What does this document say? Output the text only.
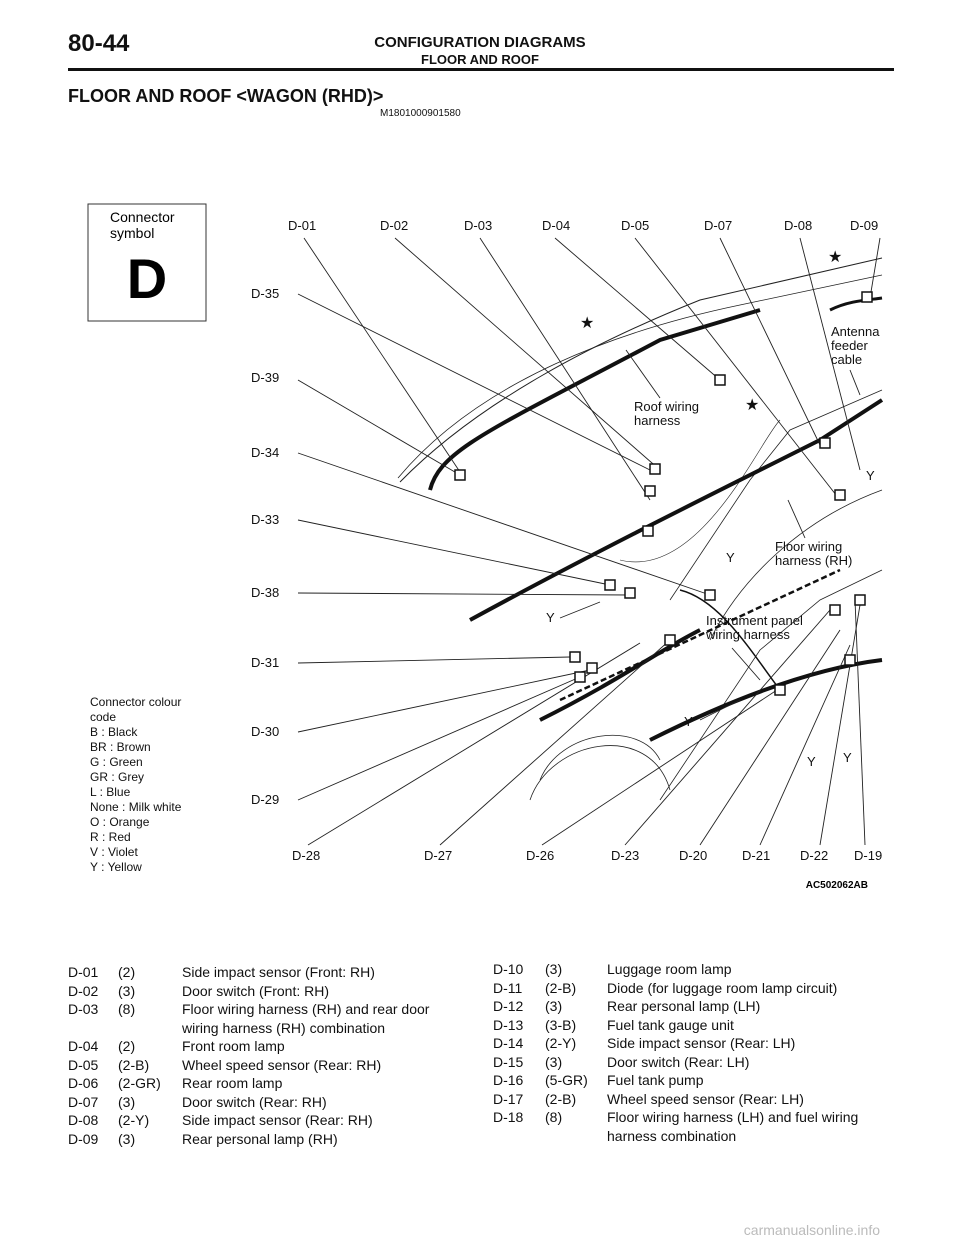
80-44	CONFIGURATION DIAGRAMS
FLOOR AND ROOF
FLOOR AND ROOF <WAGON (RHD)>
M1801000901580
Connector
symbol
D
★
★
★
Antenna
feeder
cable
Roof wiring
harness
Floor wiring
harness (RH)
Instrument panel
wiring harness
Y
Y
Y
Y
Y Y
D-01	D-02	D-03	D-04	D-05	D-07	D-08	D-09
D-35
D-39
D-34
D-33
D-38
D-31
D-30
D-29
D-28	D-27	D-26	D-23	D-20	D-21 D-22 D-19
Connector colour
code
B : Black
BR : Brown
G : Green
GR : Grey
L : Blue
None : Milk white
O : Orange
R : Red
V : Violet
Y : Yellow
AC502062AB
D-01 (2)	Side impact sensor (Front: RH)
D-02 (3)	Door switch (Front: RH)
D-03 (8)	Floor wiring harness (RH) and rear door
wiring harness (RH) combination
D-04 (2)	Front room lamp
D-05 (2-B) Wheel speed sensor (Rear: RH)
D-06 (2-GR) Rear room lamp
D-07 (3)	Door switch (Rear: RH)
D-08 (2-Y) Side impact sensor (Rear: RH)
D-09 (3)	Rear personal lamp (RH)
D-10 (3)	Luggage room lamp
D-11 (2-B) Diode (for luggage room lamp circuit)
D-12 (3)	Rear personal lamp (LH)
D-13 (3-B) Fuel tank gauge unit
D-14 (2-Y) Side impact sensor (Rear: LH)
D-15 (3)	Door switch (Rear: LH)
D-16 (5-GR) Fuel tank pump
D-17 (2-B) Wheel speed sensor (Rear: LH)
D-18 (8)	Floor wiring harness (LH) and fuel wiring
harness combination
carmanualsonline.info
